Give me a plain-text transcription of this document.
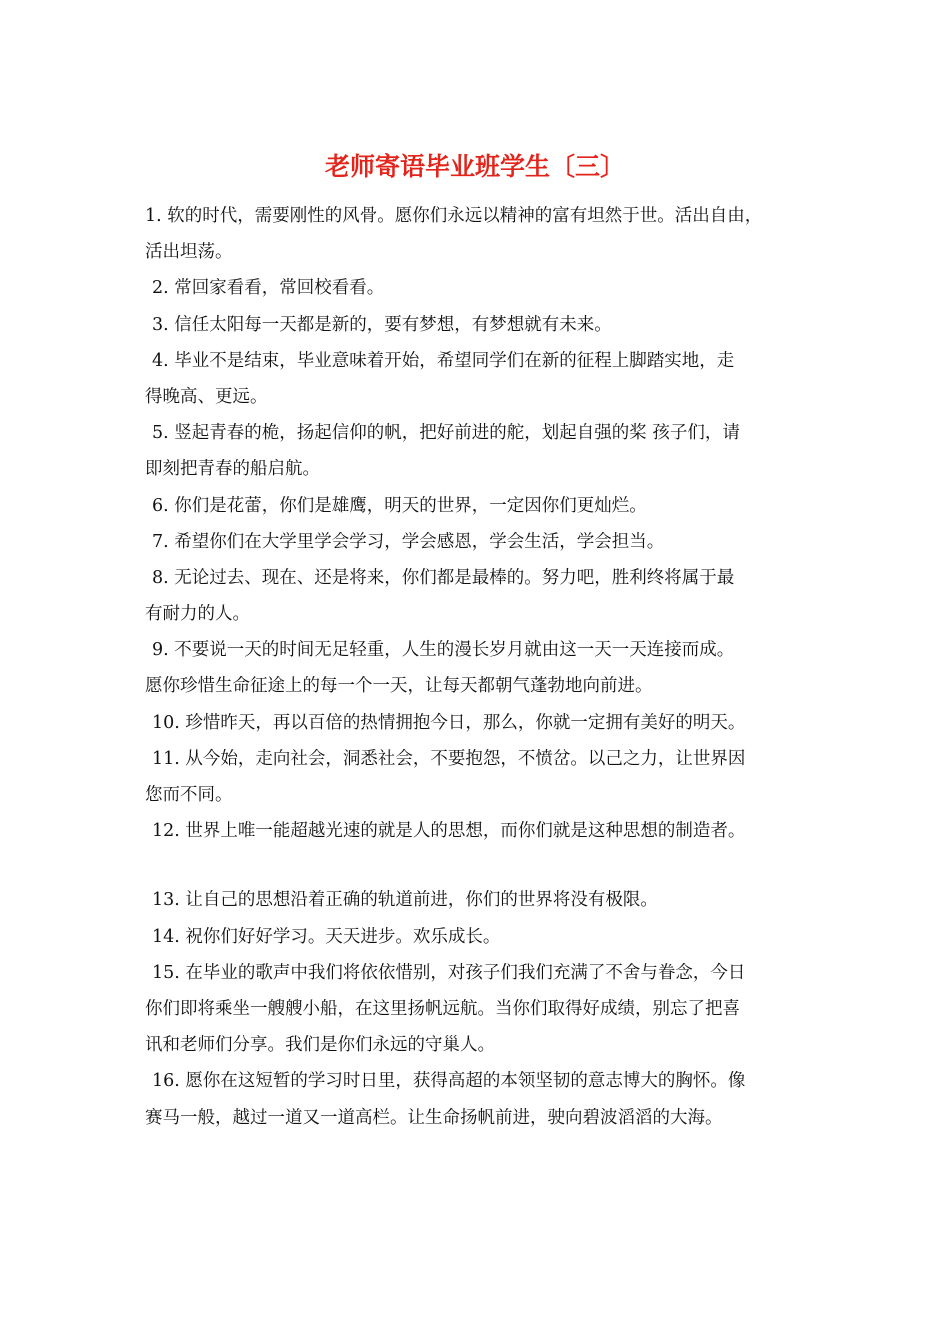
老师寄语毕业班学生〔三〕
1. 软的时代，需要刚性的风骨。愿你们永远以精神的富有坦然于世。活出自由，
活出坦荡。
2. 常回家看看，常回校看看。
3. 信任太阳每一天都是新的，要有梦想，有梦想就有未来。
4. 毕业不是结束，毕业意味着开始，希望同学们在新的征程上脚踏实地，走
得晚高、更远。
5. 竖起青春的桅，扬起信仰的帆，把好前进的舵，划起自强的桨 孩子们，请
即刻把青春的船启航。
6. 你们是花蕾，你们是雄鹰，明天的世界，一定因你们更灿烂。
7. 希望你们在大学里学会学习，学会感恩，学会生活，学会担当。
8. 无论过去、现在、还是将来，你们都是最棒的。努力吧，胜利终将属于最
有耐力的人。
9. 不要说一天的时间无足轻重，人生的漫长岁月就由这一天一天连接而成。
愿你珍惜生命征途上的每一个一天，让每天都朝气蓬勃地向前进。
10. 珍惜昨天，再以百倍的热情拥抱今日，那么，你就一定拥有美好的明天。
11. 从今始，走向社会，洞悉社会，不要抱怨，不愤岔。以己之力，让世界因
您而不同。
12. 世界上唯一能超越光速的就是人的思想，而你们就是这种思想的制造者。
13. 让自己的思想沿着正确的轨道前进，你们的世界将没有极限。
14. 祝你们好好学习。天天进步。欢乐成长。
15. 在毕业的歌声中我们将依依惜别，对孩子们我们充满了不舍与眷念，今日
你们即将乘坐一艘艘小船，在这里扬帆远航。当你们取得好成绩，别忘了把喜
讯和老师们分享。我们是你们永远的守巢人。
16. 愿你在这短暂的学习时日里，获得高超的本领坚韧的意志博大的胸怀。像
赛马一般，越过一道又一道高栏。让生命扬帆前进，驶向碧波滔滔的大海。
